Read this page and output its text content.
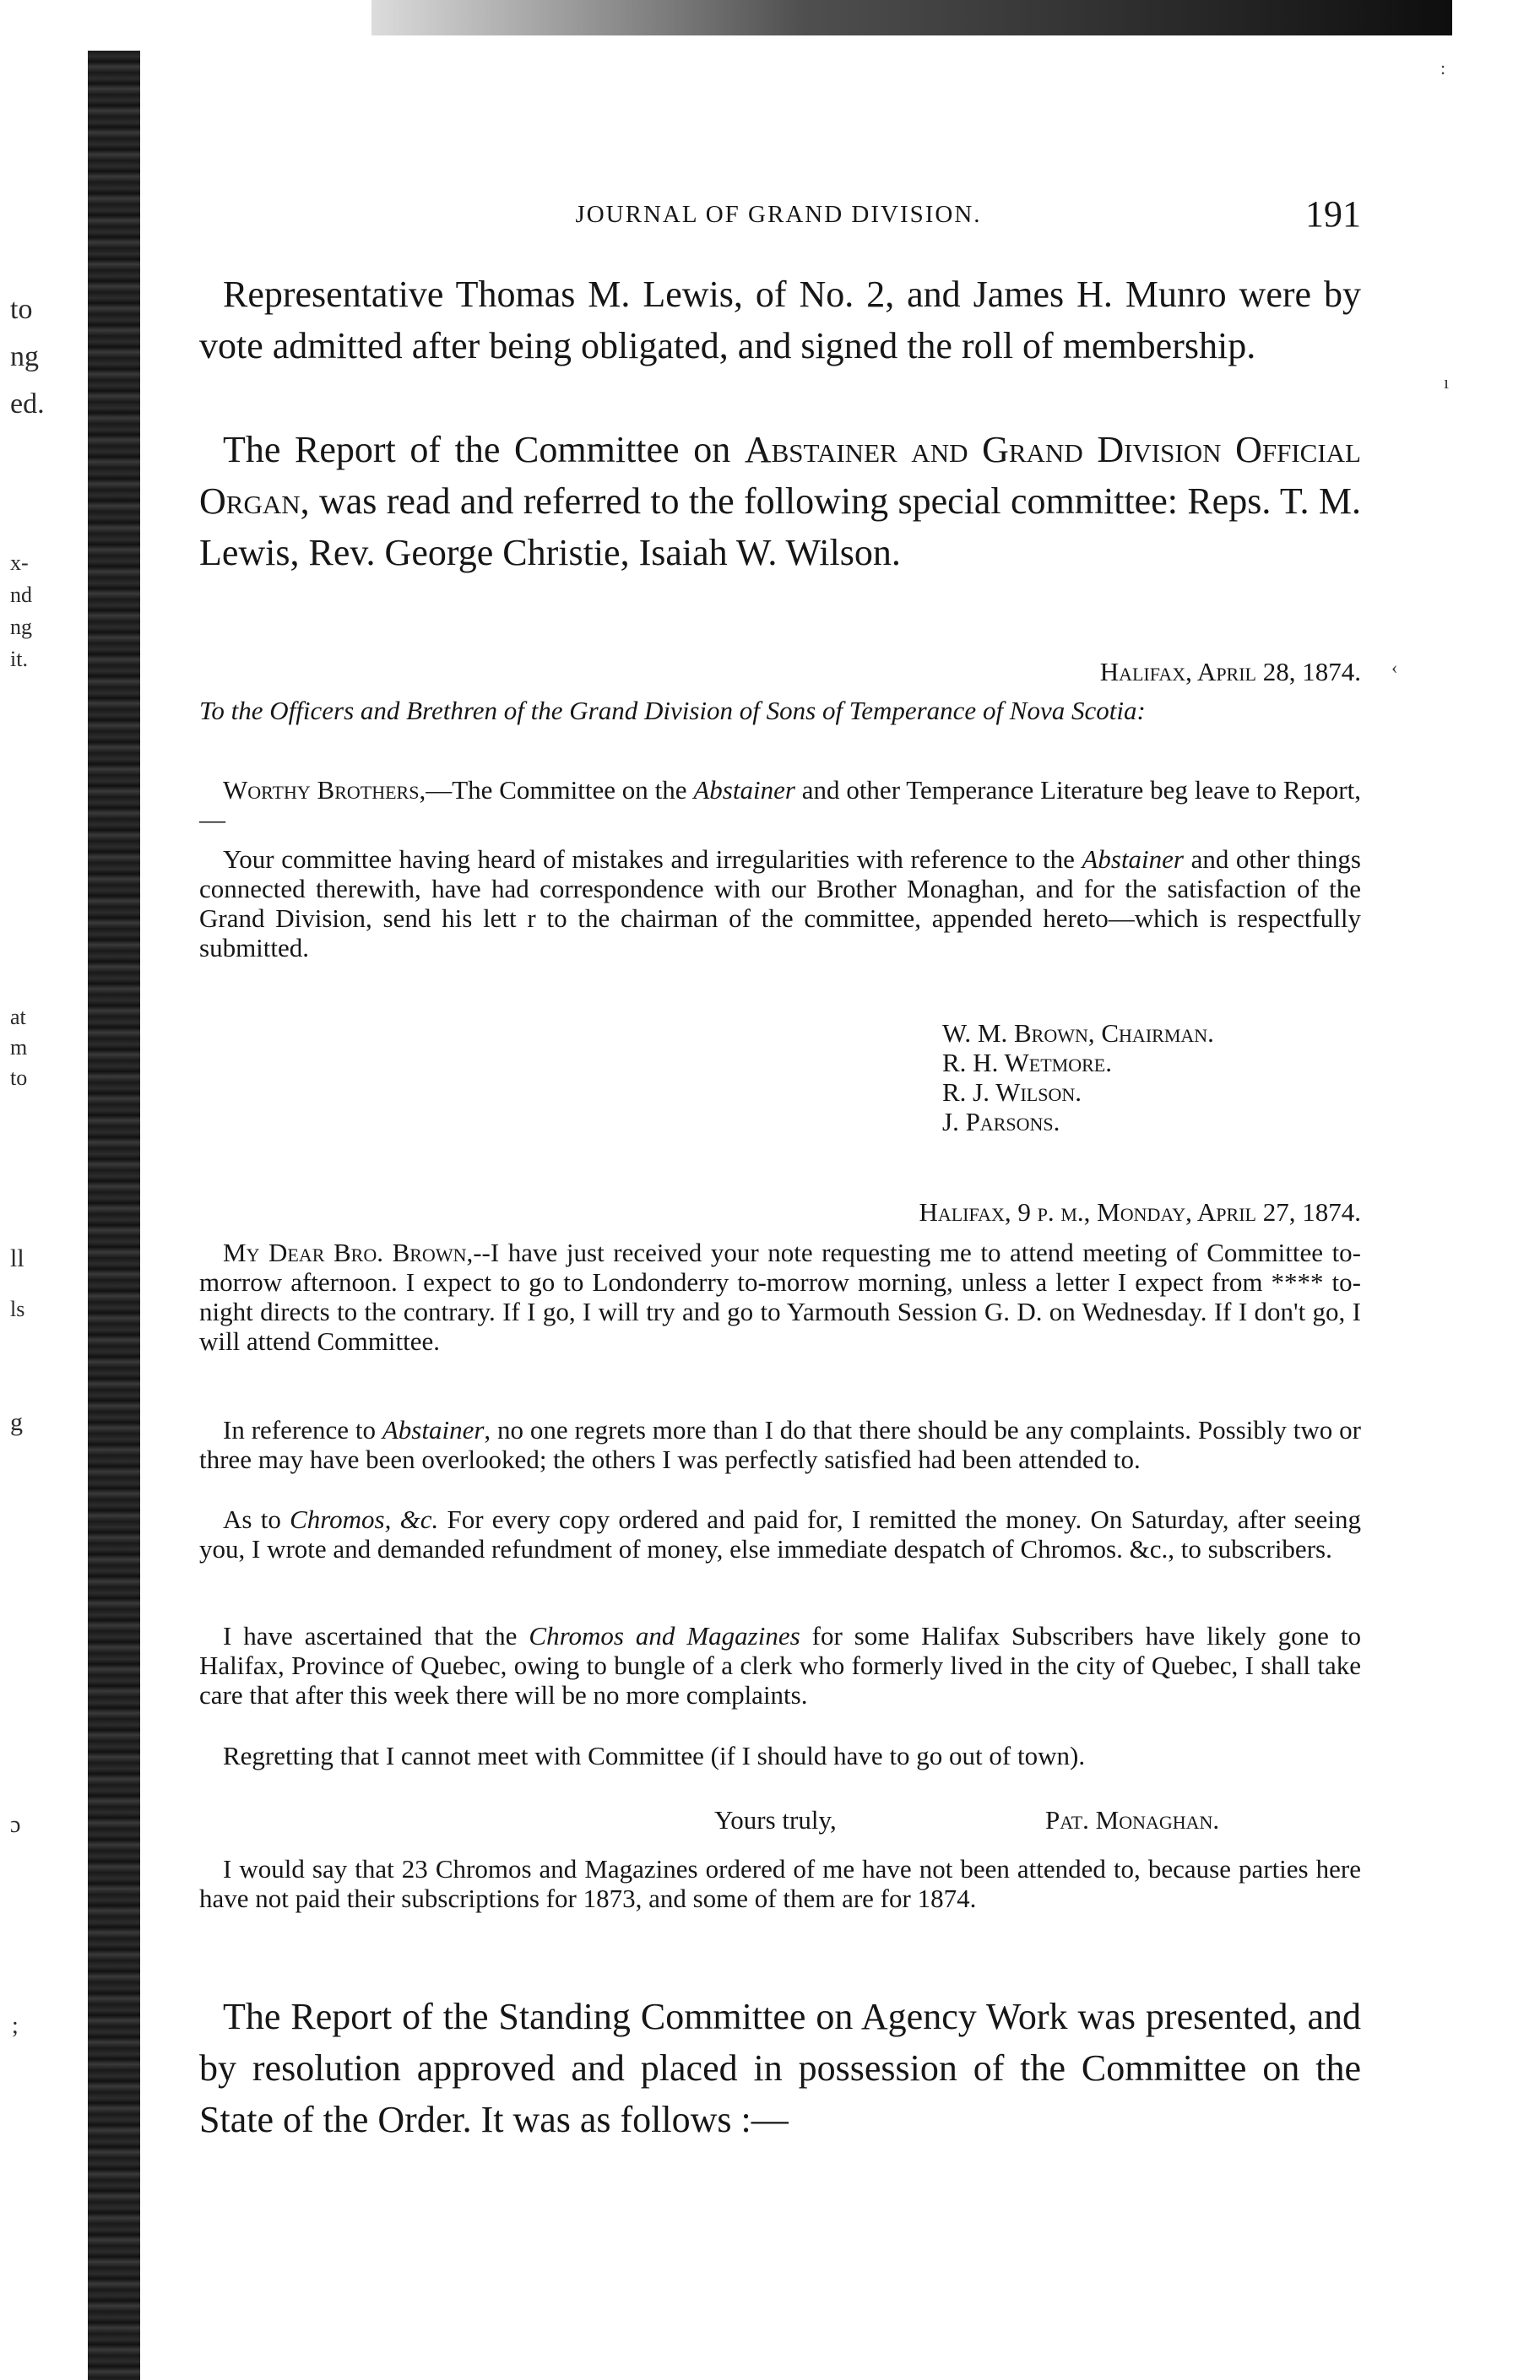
to
ng
ed.
x-
nd
ng
it.
at
m
to
ll
ls
g
ɔ
;
:
ı
‹
JOURNAL OF GRAND DIVISION.	191

Representative Thomas M. Lewis, of No. 2, and James H. Munro were by vote admitted after being obligated, and signed the roll of membership.

The Report of the Committee on Abstainer and Grand Division Official Organ, was read and referred to the following special committee: Reps. T. M. Lewis, Rev. George Christie, Isaiah W. Wilson.

Halifax, April 28, 1874.
To the Officers and Brethren of the Grand Division of Sons of Temperance of Nova Scotia:

Worthy Brothers,—The Committee on the Abstainer and other Temperance Literature beg leave to Report,—

Your committee having heard of mistakes and irregularities with reference to the Abstainer and other things connected therewith, have had correspondence with our Brother Monaghan, and for the satisfaction of the Grand Division, send his lett r to the chairman of the committee, appended hereto—which is respectfully submitted.

W. M. Brown, Chairman.
R. H. Wetmore.
R. J. Wilson.
J. Parsons.
Halifax, 9 p. m., Monday, April 27, 1874.

My Dear Bro. Brown,--I have just received your note requesting me to attend meeting of Committee to-morrow afternoon. I expect to go to Londonderry to-morrow morning, unless a letter I expect from **** to-night directs to the contrary. If I go, I will try and go to Yarmouth Session G. D. on Wednesday. If I don't go, I will attend Committee.

In reference to Abstainer, no one regrets more than I do that there should be any complaints. Possibly two or three may have been overlooked; the others I was perfectly satisfied had been attended to.

As to Chromos, &c. For every copy ordered and paid for, I remitted the money. On Saturday, after seeing you, I wrote and demanded refundment of money, else immediate despatch of Chromos. &c., to subscribers.

I have ascertained that the Chromos and Magazines for some Halifax Subscribers have likely gone to Halifax, Province of Quebec, owing to bungle of a clerk who formerly lived in the city of Quebec, I shall take care that after this week there will be no more complaints.

Regretting that I cannot meet with Committee (if I should have to go out of town).

Yours truly,	Pat. Monaghan.

I would say that 23 Chromos and Magazines ordered of me have not been attended to, because parties here have not paid their subscriptions for 1873, and some of them are for 1874.

The Report of the Standing Committee on Agency Work was presented, and by resolution approved and placed in possession of the Committee on the State of the Order. It was as follows :—
